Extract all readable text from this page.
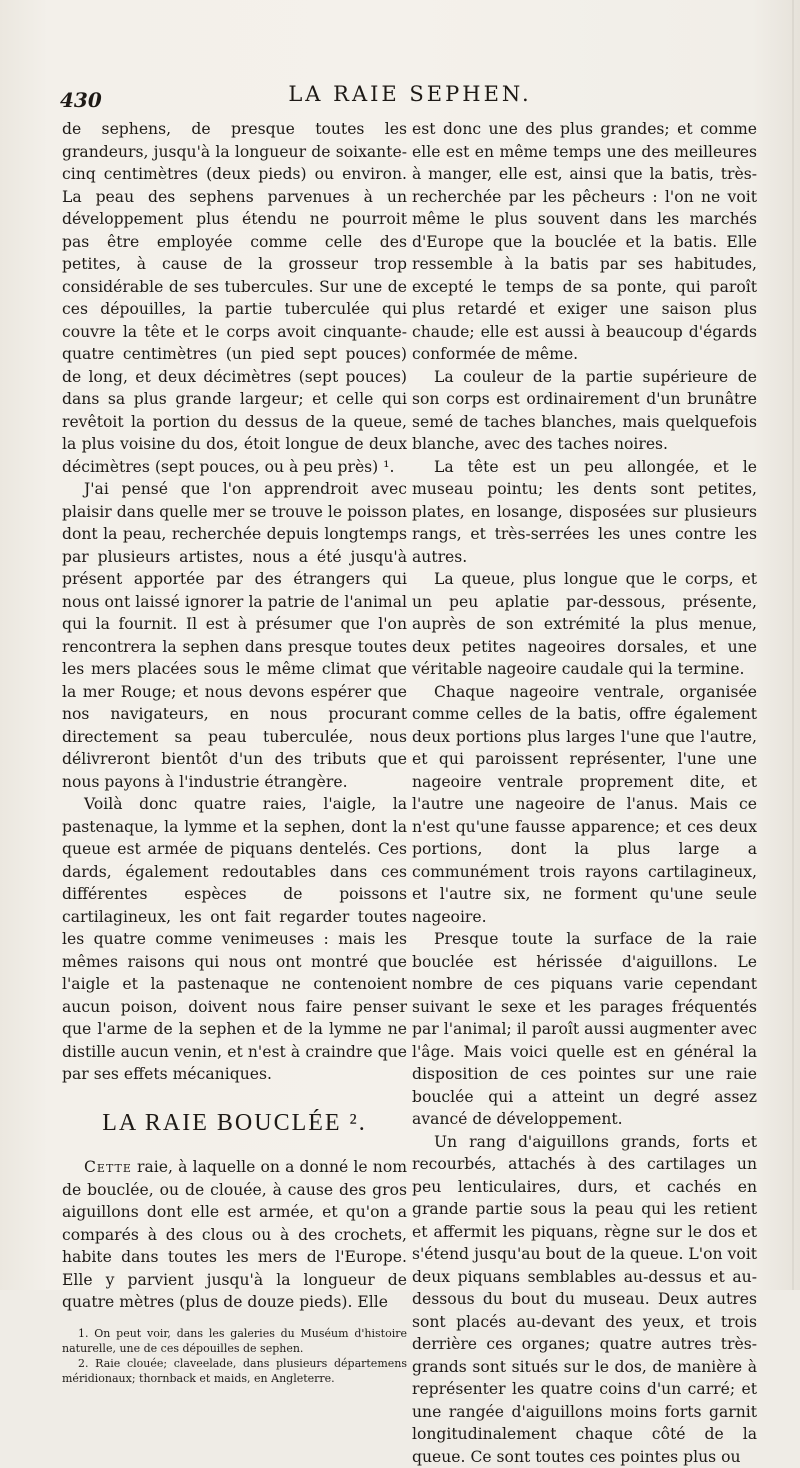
430	LA RAIE SEPHEN.

de sephens, de presque toutes les grandeurs, jusqu'à la longueur de soixante-cinq centimètres (deux pieds) ou environ. La peau des sephens parvenues à un développement plus étendu ne pourroit pas être employée comme celle des petites, à cause de la grosseur trop considérable de ses tubercules. Sur une de ces dépouilles, la partie tuberculée qui couvre la tête et le corps avoit cinquante-quatre centimètres (un pied sept pouces) de long, et deux décimètres (sept pouces) dans sa plus grande largeur; et celle qui revêtoit la portion du dessus de la queue, la plus voisine du dos, étoit longue de deux décimètres (sept pouces, ou à peu près) ¹.

J'ai pensé que l'on apprendroit avec plaisir dans quelle mer se trouve le poisson dont la peau, recherchée depuis longtemps par plusieurs artistes, nous a été jusqu'à présent apportée par des étrangers qui nous ont laissé ignorer la patrie de l'animal qui la fournit. Il est à présumer que l'on rencontrera la sephen dans presque toutes les mers placées sous le même climat que la mer Rouge; et nous devons espérer que nos navigateurs, en nous procurant directement sa peau tuberculée, nous délivreront bientôt d'un des tributs que nous payons à l'industrie étrangère.

Voilà donc quatre raies, l'aigle, la pastenaque, la lymme et la sephen, dont la queue est armée de piquans dentelés. Ces dards, également redoutables dans ces différentes espèces de poissons cartilagineux, les ont fait regarder toutes les quatre comme venimeuses : mais les mêmes raisons qui nous ont montré que l'aigle et la pastenaque ne contenoient aucun poison, doivent nous faire penser que l'arme de la sephen et de la lymme ne distille aucun venin, et n'est à craindre que par ses effets mécaniques.

LA RAIE BOUCLÉE ².

Cette raie, à laquelle on a donné le nom de bouclée, ou de clouée, à cause des gros aiguillons dont elle est armée, et qu'on a comparés à des clous ou à des crochets, habite dans toutes les mers de l'Europe. Elle y parvient jusqu'à la longueur de quatre mètres (plus de douze pieds). Elle

1. On peut voir, dans les galeries du Muséum d'histoire naturelle, une de ces dépouilles de sephen.

2. Raie clouée; claveelade, dans plusieurs départemens méridionaux; thornback et maids, en Angleterre.

est donc une des plus grandes; et comme elle est en même temps une des meilleures à manger, elle est, ainsi que la batis, très-recherchée par les pêcheurs : l'on ne voit même le plus souvent dans les marchés d'Europe que la bouclée et la batis. Elle ressemble à la batis par ses habitudes, excepté le temps de sa ponte, qui paroît plus retardé et exiger une saison plus chaude; elle est aussi à beaucoup d'égards conformée de même.

La couleur de la partie supérieure de son corps est ordinairement d'un brunâtre semé de taches blanches, mais quelquefois blanche, avec des taches noires.

La tête est un peu allongée, et le museau pointu; les dents sont petites, plates, en losange, disposées sur plusieurs rangs, et très-serrées les unes contre les autres.

La queue, plus longue que le corps, et un peu aplatie par-dessous, présente, auprès de son extrémité la plus menue, deux petites nageoires dorsales, et une véritable nageoire caudale qui la termine.

Chaque nageoire ventrale, organisée comme celles de la batis, offre également deux portions plus larges l'une que l'autre, et qui paroissent représenter, l'une une nageoire ventrale proprement dite, et l'autre une nageoire de l'anus. Mais ce n'est qu'une fausse apparence; et ces deux portions, dont la plus large a communément trois rayons cartilagineux, et l'autre six, ne forment qu'une seule nageoire.

Presque toute la surface de la raie bouclée est hérissée d'aiguillons. Le nombre de ces piquans varie cependant suivant le sexe et les parages fréquentés par l'animal; il paroît aussi augmenter avec l'âge. Mais voici quelle est en général la disposition de ces pointes sur une raie bouclée qui a atteint un degré assez avancé de développement.

Un rang d'aiguillons grands, forts et recourbés, attachés à des cartilages un peu lenticulaires, durs, et cachés en grande partie sous la peau qui les retient et affermit les piquans, règne sur le dos et s'étend jusqu'au bout de la queue. L'on voit deux piquans semblables au-dessus et au-dessous du bout du museau. Deux autres sont placés au-devant des yeux, et trois derrière ces organes; quatre autres très-grands sont situés sur le dos, de manière à représenter les quatre coins d'un carré; et une rangée d'aiguillons moins forts garnit longitudinalement chaque côté de la queue. Ce sont toutes ces pointes plus ou
